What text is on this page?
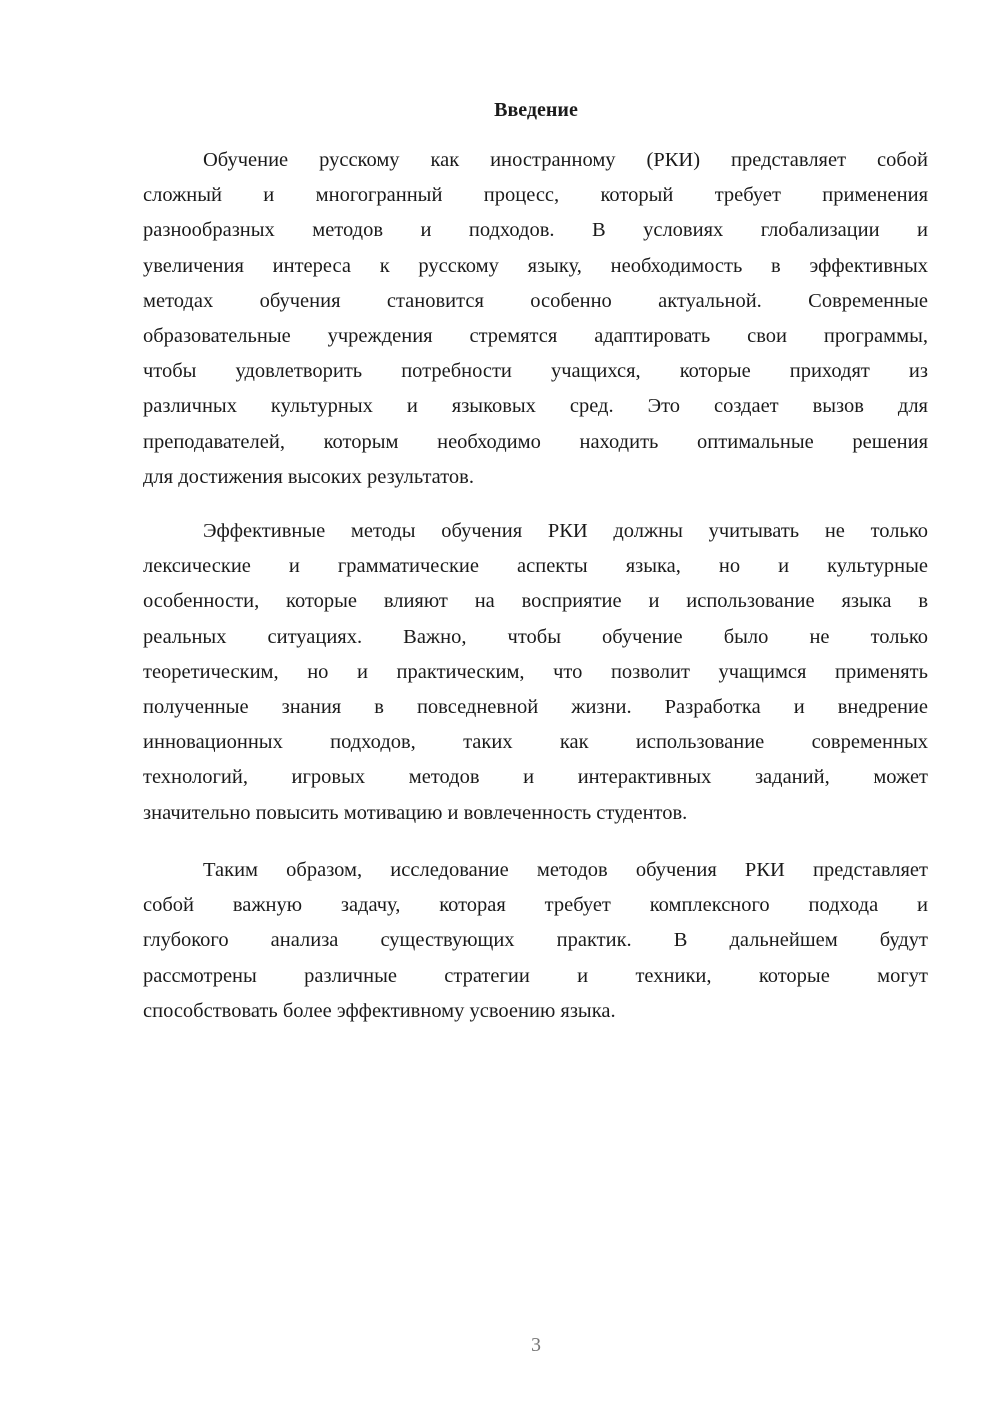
Введение
Обучение русскому как иностранному (РКИ) представляет собой
сложный и многогранный процесс, который требует применения
разнообразных методов и подходов. В условиях глобализации и
увеличения интереса к русскому языку, необходимость в эффективных
методах обучения становится особенно актуальной. Современные
образовательные учреждения стремятся адаптировать свои программы,
чтобы удовлетворить потребности учащихся, которые приходят из
различных культурных и языковых сред. Это создает вызов для
преподавателей, которым необходимо находить оптимальные решения
для достижения высоких результатов.
Эффективные методы обучения РКИ должны учитывать не только
лексические и грамматические аспекты языка, но и культурные
особенности, которые влияют на восприятие и использование языка в
реальных ситуациях. Важно, чтобы обучение было не только
теоретическим, но и практическим, что позволит учащимся применять
полученные знания в повседневной жизни. Разработка и внедрение
инновационных подходов, таких как использование современных
технологий, игровых методов и интерактивных заданий, может
значительно повысить мотивацию и вовлеченность студентов.
Таким образом, исследование методов обучения РКИ представляет
собой важную задачу, которая требует комплексного подхода и
глубокого анализа существующих практик. В дальнейшем будут
рассмотрены различные стратегии и техники, которые могут
способствовать более эффективному усвоению языка.
3
